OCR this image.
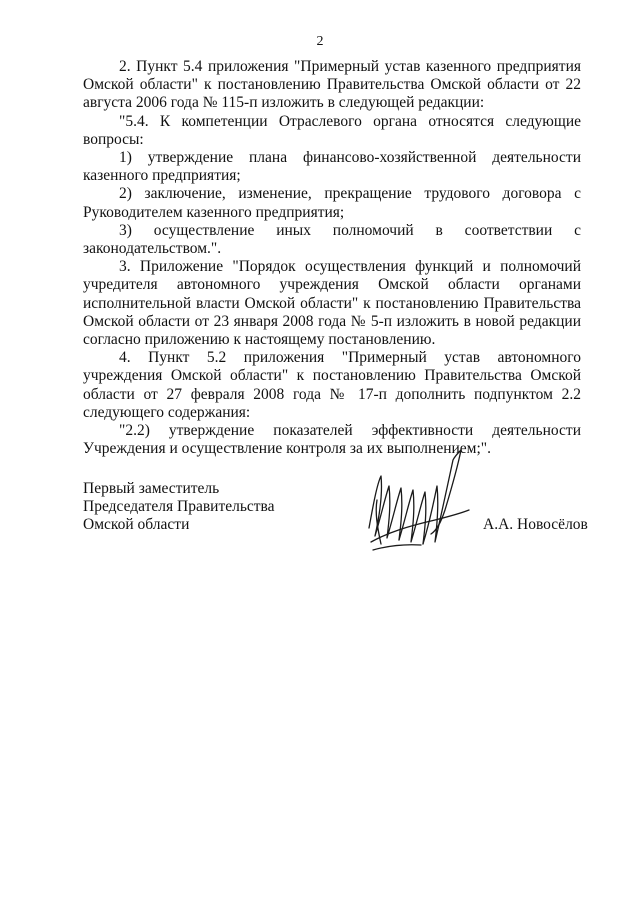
2

2. Пункт 5.4 приложения "Примерный устав казенного предприятия Омской области" к постановлению Правительства Омской области от 22 августа 2006 года № 115-п изложить в следующей редакции:

"5.4. К компетенции Отраслевого органа относятся следующие вопросы:

1) утверждение плана финансово-хозяйственной деятельности казенного предприятия;

2) заключение, изменение, прекращение трудового договора с Руководителем казенного предприятия;

3) осуществление иных полномочий в соответствии с законодательством.".

3. Приложение "Порядок осуществления функций и полномочий учредителя автономного учреждения Омской области органами исполнительной власти Омской области" к постановлению Правительства Омской области от 23 января 2008 года № 5-п изложить в новой редакции согласно приложению к настоящему постановлению.

4. Пункт 5.2 приложения "Примерный устав автономного учреждения Омской области" к постановлению Правительства Омской области от 27 февраля 2008 года № 17-п дополнить подпунктом 2.2 следующего содержания:

"2.2) утверждение показателей эффективности деятельности Учреждения и осуществление контроля за их выполнением;".

Первый заместитель
Председателя Правительства
Омской области	А.А. Новосёлов
